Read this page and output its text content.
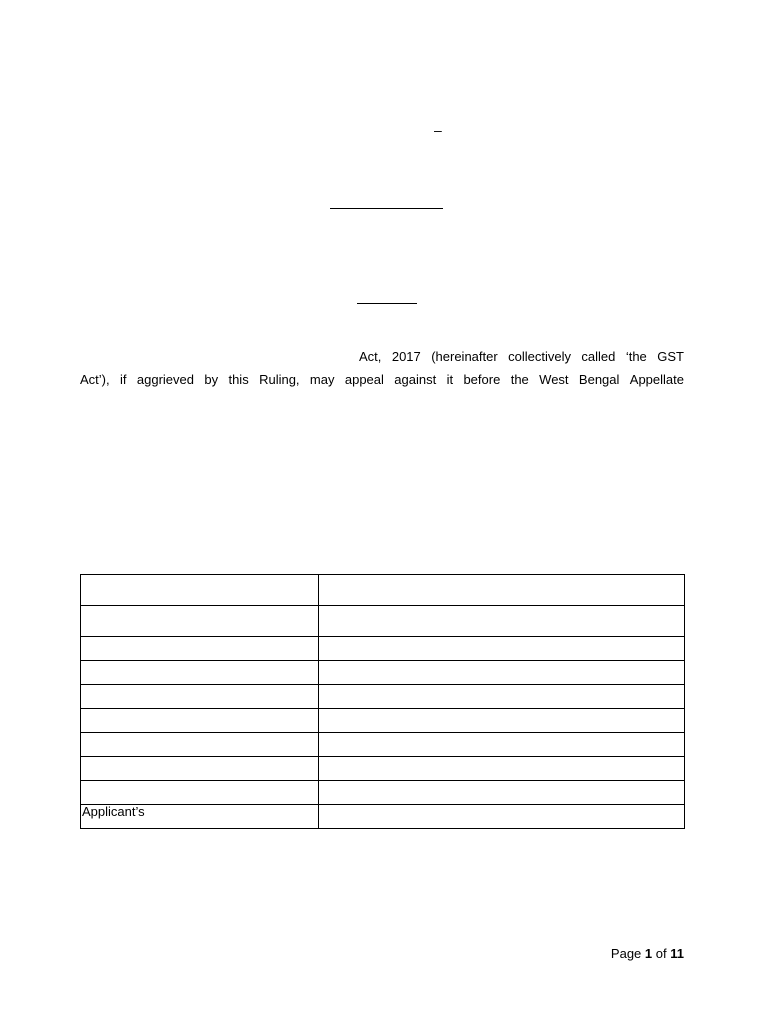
–
Act, 2017 (hereinafter collectively called ‘the GST
Act’), if aggrieved by this Ruling, may appeal against it before the West Bengal Appellate

Applicant’s	
Page 1 of 11
